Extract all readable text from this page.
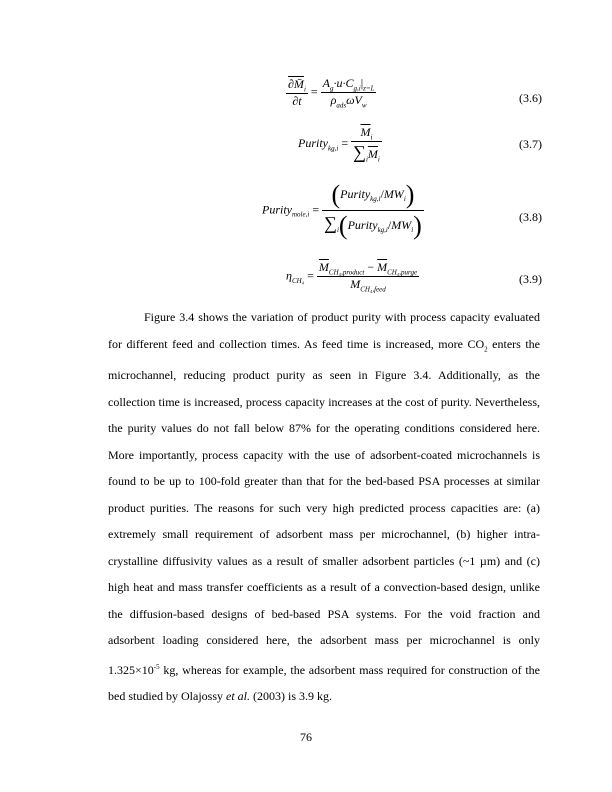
$\frac{\partial M̄_i}{\partial t} = \frac{A_g\cdot u\cdot C_{g,i}|_{z=L}}{\rho_{ads}\omega V_w}$	(3.6)
Purity$_{kg,i}$ = $\frac{\overline{M}_i}{\sum_i\overline{M}_i}$	(3.7)
Purity$_{mole,i}$ = $\frac{(Purity_{kg,i}/MW_i)}{\sum_i(Purity_{kg,i}/MW_i)}$	(3.8)
$\eta_{CH_4} = \frac{\overline{M}_{CH_4,product} - \overline{M}_{CH_4,purge}}{\overline{M}_{CH_4,feed}}$	(3.9)

Figure 3.4 shows the variation of product purity with process capacity evaluated for different feed and collection times. As feed time is increased, more $CO_2$ enters the microchannel, reducing product purity as seen in Figure 3.4. Additionally, as the collection time is increased, process capacity increases at the cost of purity. Nevertheless, the purity values do not fall below 87% for the operating conditions considered here. More importantly, process capacity with the use of adsorbent-coated microchannels is found to be up to 100-fold greater than that for the bed-based PSA processes at similar product purities. The reasons for such very high predicted process capacities are: (a) extremely small requirement of adsorbent mass per microchannel, (b) higher intra-crystalline diffusivity values as a result of smaller adsorbent particles (~1 µm) and (c) high heat and mass transfer coefficients as a result of a convection-based design, unlike the diffusion-based designs of bed-based PSA systems. For the void fraction and adsorbent loading considered here, the adsorbent mass per microchannel is only $1.325\times 10^{-5}$ kg, whereas for example, the adsorbent mass required for construction of the bed studied by Olajossy et al. (2003) is 3.9 kg.

76
